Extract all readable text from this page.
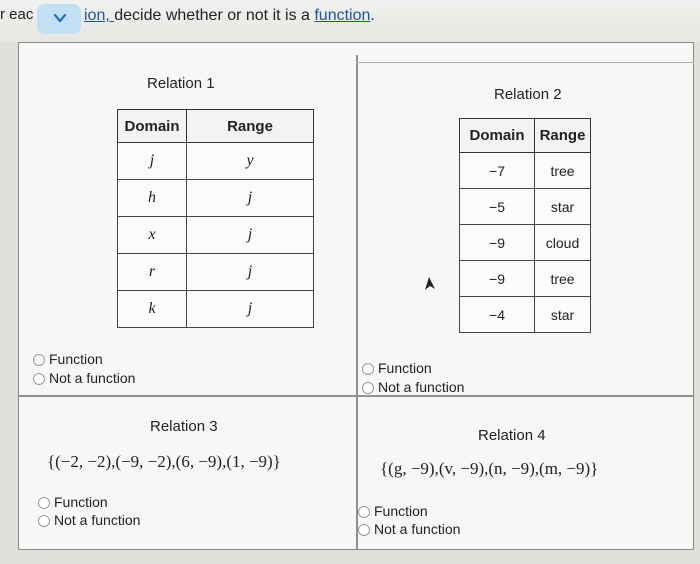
r eac	ion, decide whether or not it is a function.
Relation 1
Domain	Range
j	y
h	j
x	j
r	j
k	j
Function
Not a function
Relation 2
Domain	Range
−7	tree
−5	star
−9	cloud
−9	tree
−4	star
Function
Not a function
Relation 3
{(−2, −2),(−9, −2),(6, −9),(1, −9)}
Function
Not a function
Relation 4
{(g, −9),(v, −9),(n, −9),(m, −9)}
Function
Not a function
